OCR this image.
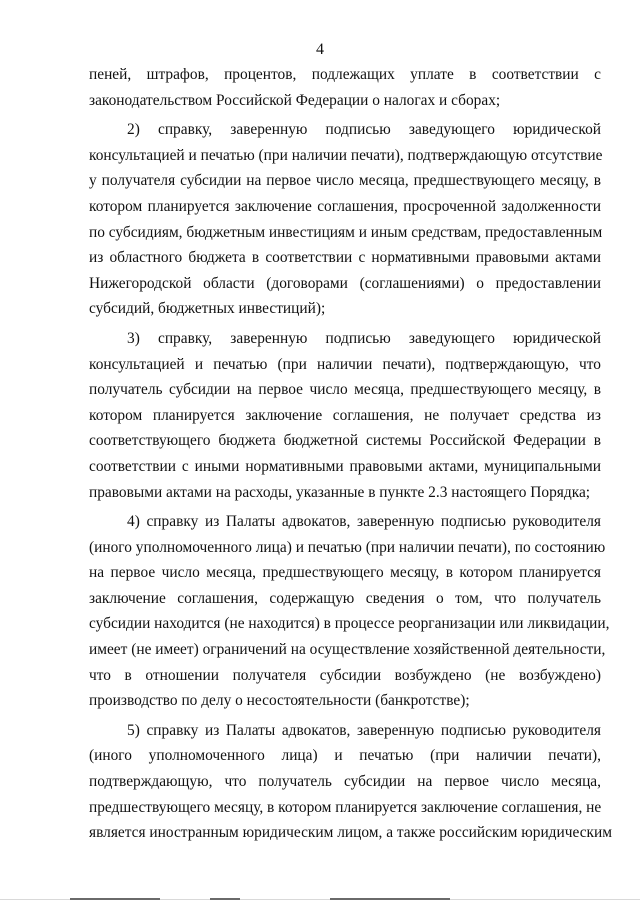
4
пеней, штрафов, процентов, подлежащих уплате в соответствии с
законодательством Российской Федерации о налогах и сборах;
2) справку, заверенную подписью заведующего юридической
консультацией и печатью (при наличии печати), подтверждающую отсутствие
у получателя субсидии на первое число месяца, предшествующего месяцу, в
котором планируется заключение соглашения, просроченной задолженности
по субсидиям, бюджетным инвестициям и иным средствам, предоставленным
из областного бюджета в соответствии с нормативными правовыми актами
Нижегородской области (договорами (соглашениями) о предоставлении
субсидий, бюджетных инвестиций);
3) справку, заверенную подписью заведующего юридической
консультацией и печатью (при наличии печати), подтверждающую, что
получатель субсидии на первое число месяца, предшествующего месяцу, в
котором планируется заключение соглашения, не получает средства из
соответствующего бюджета бюджетной системы Российской Федерации в
соответствии с иными нормативными правовыми актами, муниципальными
правовыми актами на расходы, указанные в пункте 2.3 настоящего Порядка;
4) справку из Палаты адвокатов, заверенную подписью руководителя
(иного уполномоченного лица) и печатью (при наличии печати), по состоянию
на первое число месяца, предшествующего месяцу, в котором планируется
заключение соглашения, содержащую сведения о том, что получатель
субсидии находится (не находится) в процессе реорганизации или ликвидации,
имеет (не имеет) ограничений на осуществление хозяйственной деятельности,
что в отношении получателя субсидии возбуждено (не возбуждено)
производство по делу о несостоятельности (банкротстве);
5) справку из Палаты адвокатов, заверенную подписью руководителя
(иного уполномоченного лица) и печатью (при наличии печати),
подтверждающую, что получатель субсидии на первое число месяца,
предшествующего месяцу, в котором планируется заключение соглашения, не
является иностранным юридическим лицом, а также российским юридическим
